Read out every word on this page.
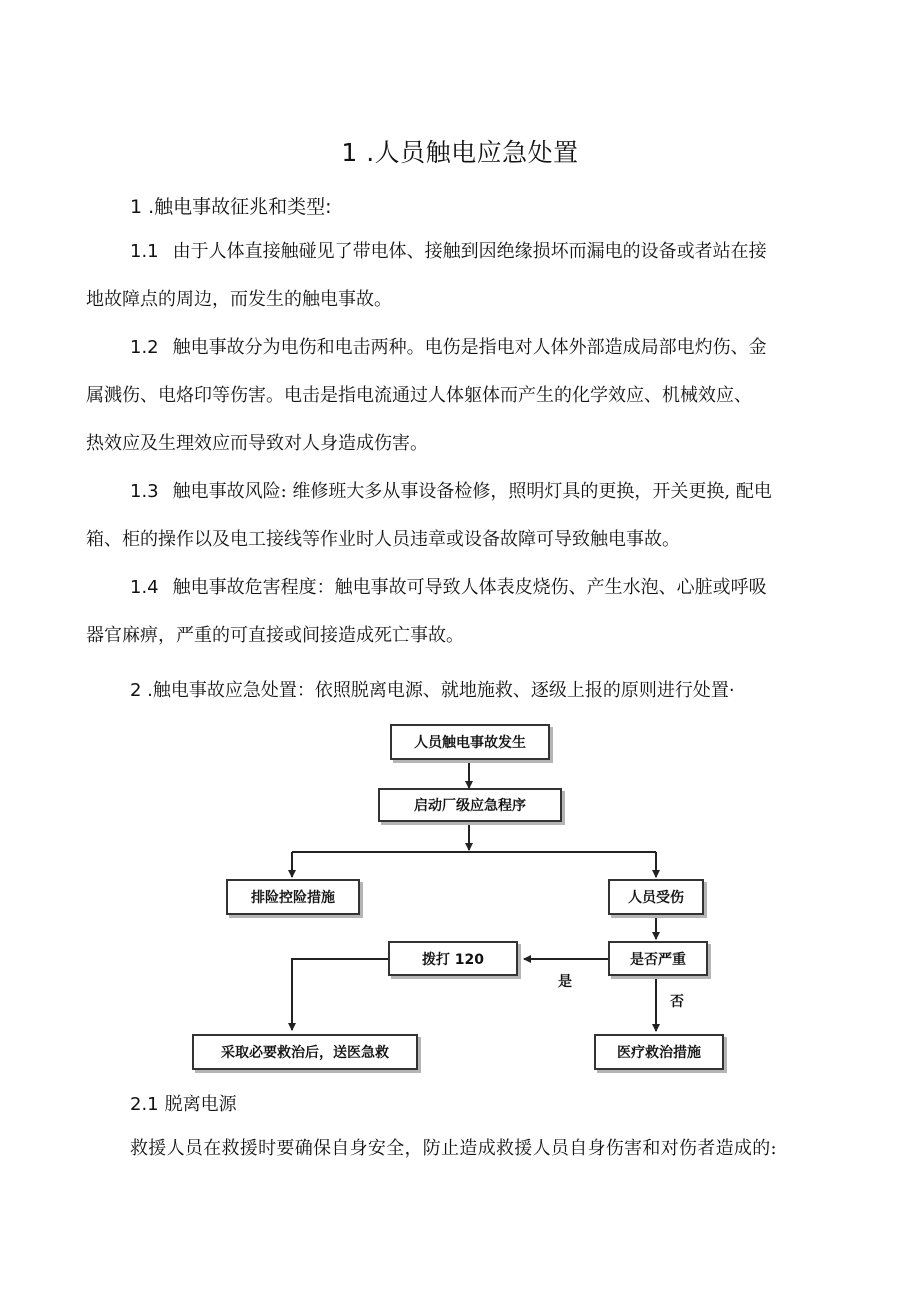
1 .人员触电应急处置
1 .触电事故征兆和类型:
1.1 由于人体直接触碰见了带电体、接触到因绝缘损坏而漏电的设备或者站在接
地故障点的周边，而发生的触电事故。
1.2 触电事故分为电伤和电击两种。电伤是指电对人体外部造成局部电灼伤、金
属溅伤、电烙印等伤害。电击是指电流通过人体躯体而产生的化学效应、机械效应、
热效应及生理效应而导致对人身造成伤害。
1.3 触电事故风险: 维修班大多从事设备检修，照明灯具的更换，开关更换, 配电
箱、柜的操作以及电工接线等作业时人员违章或设备故障可导致触电事故。
1.4 触电事故危害程度：触电事故可导致人体表皮烧伤、产生水泡、心脏或呼吸
器官麻痹，严重的可直接或间接造成死亡事故。
2 .触电事故应急处置：依照脱离电源、就地施救、逐级上报的原则进行处置·
人员触电事故发生
启动厂级应急程序
排险控险措施	人员受伤
是否严重
拨打 120
是
否
采取必要救治后，送医急救	医疗救治措施
2.1 脱离电源
救援人员在救援时要确保自身安全，防止造成救援人员自身伤害和对伤者造成的:
